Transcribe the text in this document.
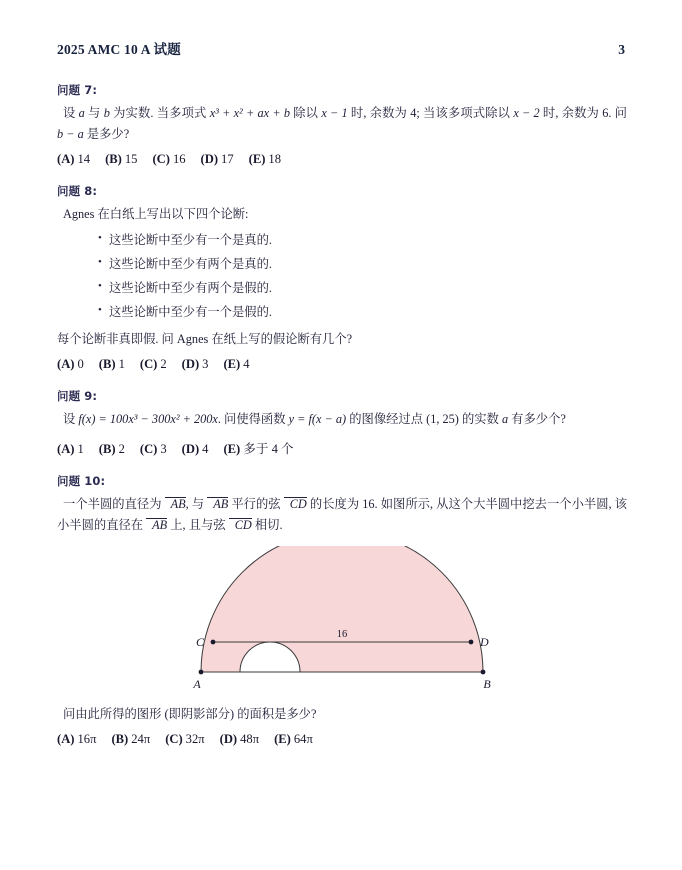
2025 AMC 10 A 试题	3
问题 7:
设 a 与 b 为实数. 当多项式 x³ + x² + ax + b 除以 x − 1 时, 余数为 4; 当该多项式除以 x − 2 时, 余数为 6. 问 b − a 是多少?
(A) 14 (B) 15 (C) 16 (D) 17 (E) 18
问题 8:
Agnes 在白纸上写出以下四个论断:
• 这些论断中至少有一个是真的.
• 这些论断中至少有两个是真的.
• 这些论断中至少有两个是假的.
• 这些论断中至少有一个是假的.
每个论断非真即假. 问 Agnes 在纸上写的假论断有几个?
(A) 0 (B) 1 (C) 2 (D) 3 (E) 4
问题 9:
设 f(x) = 100x³ − 300x² + 200x. 问使得函数 y = f(x − a) 的图像经过点 (1, 25) 的实数 a 有多少个?
(A) 1 (B) 2 (C) 3 (D) 4 (E) 多于 4 个
问题 10:
一个半圆的直径为 AB, 与 AB 平行的弦 CD 的长度为 16. 如图所示, 从这个大半圆中挖去一个小半圆, 该小半圆的直径在 AB 上, 且与弦 CD 相切.
A	B
C	D
16
问由此所得的图形 (即阴影部分) 的面积是多少?
(A) 16π (B) 24π (C) 32π (D) 48π (E) 64π
